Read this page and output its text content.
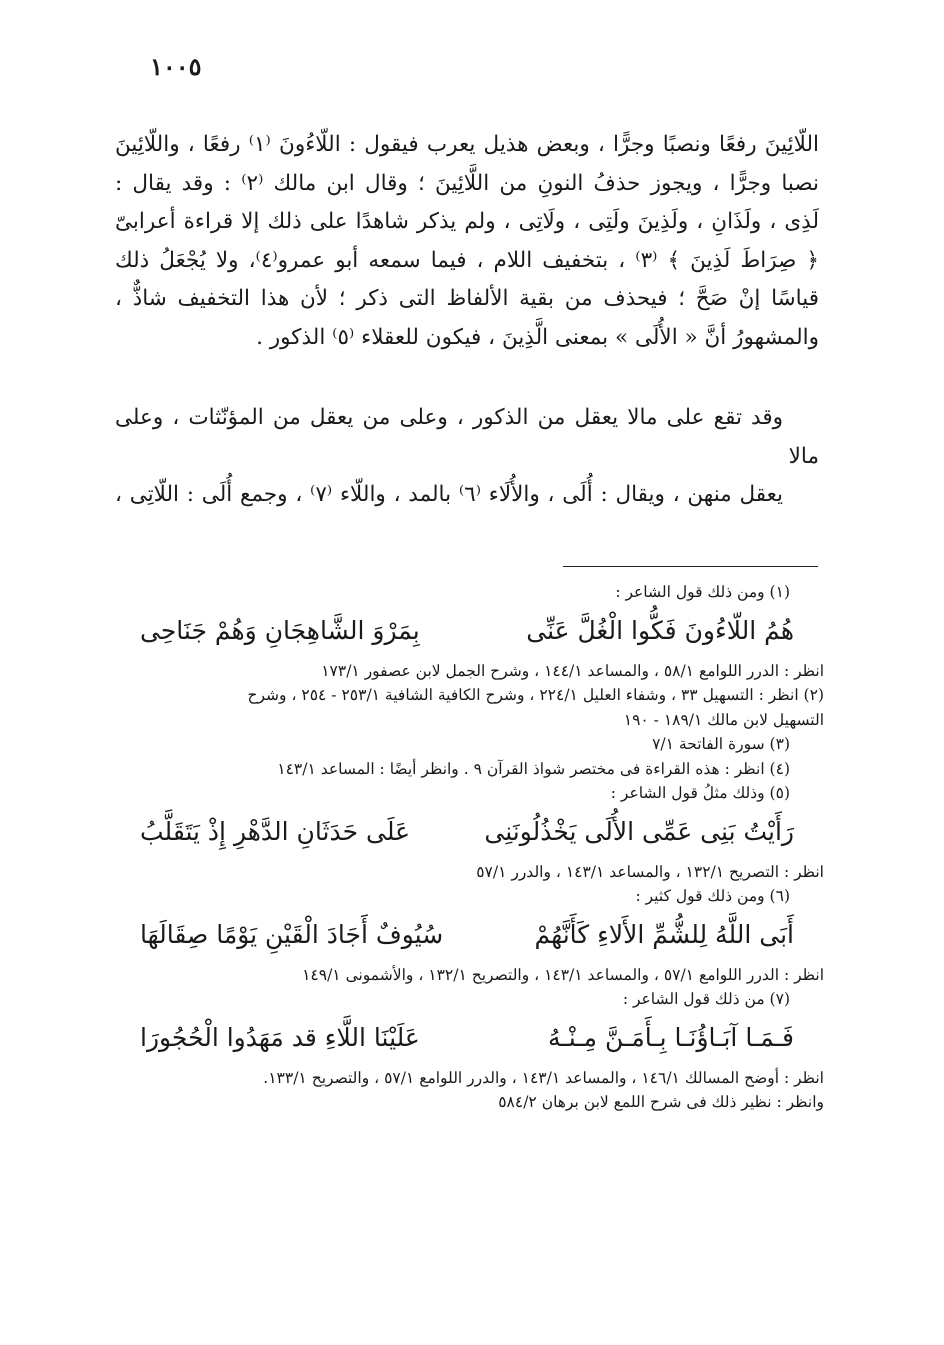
١٠٠٥

اللّائِينَ رفعًا ونصبًا وجرًّا ، وبعض هذيل يعرب فيقول : اللّاءُونَ ⁽١⁾ رفعًا ، واللّائِينَ
نصبا وجرًّا ، ويجوز حذفُ النونِ من اللَّائِينَ ؛ وقال ابن مالك ⁽٢⁾ : وقد يقال :
لَذِى ، ولَذَانِ ، ولَذِينَ ولَتِى ، ولَاتِى ، ولم يذكر شاهدًا على ذلك إلا قراءة أعرابىّ
﴿ صِرَاطَ لَذِينَ ﴾ ⁽٣⁾ ، بتخفيف اللام ، فيما سمعه أبو عمرو⁽٤⁾، ولا يُجْعَلُ ذلك
قياسًا إنْ صَحَّ ؛ فيحذف من بقية الألفاظ التى ذكر ؛ لأن هذا التخفيف شاذٌّ ،
والمشهورُ أنَّ « الأُلَى » بمعنى الَّذِينَ ، فيكون للعقلاء ⁽٥⁾ الذكور .

وقد تقع على مالا يعقل من الذكور ، وعلى من يعقل من المؤنّثات ، وعلى مالا
يعقل منهن ، ويقال : أُلَى ، والأُلَاء ⁽٦⁾ بالمد ، واللّاء ⁽٧⁾ ، وجمع أُلَى : اللّاتِى ،

(١) ومن ذلك قول الشاعر :
هُمُ اللّاءُونَ فَكُّوا الْغُلَّ عَنِّى
بِمَرْوَ الشَّاهِجَانِ وَهُمْ جَنَاحِى
انظر : الدرر اللوامع ٥٨/١ ، والمساعد ١٤٤/١ ، وشرح الجمل لابن عصفور ١٧٣/١
(٢) انظر : التسهيل ٣٣ ، وشفاء العليل ٢٢٤/١ ، وشرح الكافية الشافية ٢٥٣/١ - ٢٥٤ ، وشرح
التسهيل لابن مالك ١٨٩/١ - ١٩٠
(٣) سورة الفاتحة ٧/١
(٤) انظر : هذه القراءة فى مختصر شواذ القرآن ٩ . وانظر أيضًا : المساعد ١٤٣/١
(٥) وذلك مثلُ قول الشاعر :
رَأَيْتُ بَنِى عَمِّى الأُلَى يَخْذُلُونَنِى
عَلَى حَدَثَانِ الدَّهْرِ إِذْ يَتَقَلَّبُ
انظر : التصريح ١٣٢/١ ، والمساعد ١٤٣/١ ، والدرر ٥٧/١
(٦) ومن ذلك قول كثير :
أَبَى اللَّهُ لِلشُّمِّ الأَلاءِ كَأَنَّهُمْ
سُيُوفٌ أَجَادَ الْقَيْنِ يَوْمًا صِقَالَهَا
انظر : الدرر اللوامع ٥٧/١ ، والمساعد ١٤٣/١ ، والتصريح ١٣٢/١ ، والأشمونى ١٤٩/١
(٧) من ذلك قول الشاعر :
فَـمَـا آبَـاؤُنَـا بِـأَمَـنَّ مِـنْـهُ
عَلَيْنَا اللَّاءِ قد مَهَدُوا الْحُجُورَا
انظر : أوضح المسالك ١٤٦/١ ، والمساعد ١٤٣/١ ، والدرر اللوامع ٥٧/١ ، والتصريح ١٣٣/١.
وانظر : نظير ذلك فى شرح اللمع لابن برهان ٥٨٤/٢
